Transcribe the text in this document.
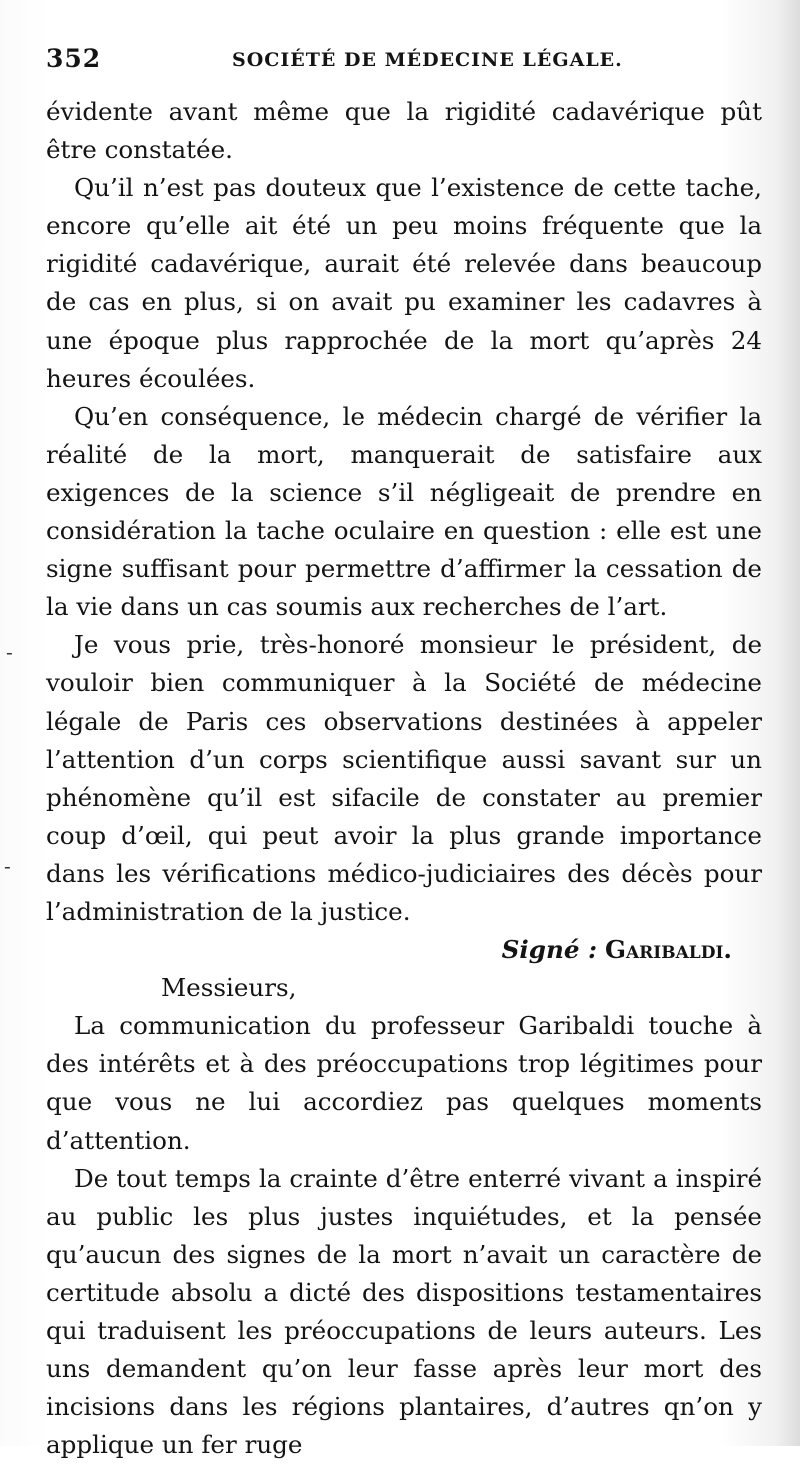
352	SOCIÉTÉ DE MÉDECINE LÉGALE.

évidente avant même que la rigidité cadavérique pût être constatée.

Qu’il n’est pas douteux que l’existence de cette tache, encore qu’elle ait été un peu moins fréquente que la rigidité cadavérique, aurait été relevée dans beaucoup de cas en plus, si on avait pu examiner les cadavres à une époque plus rapprochée de la mort qu’après 24 heures écoulées.

Qu’en conséquence, le médecin chargé de vérifier la réalité de la mort, manquerait de satisfaire aux exigences de la science s’il négligeait de prendre en considération la tache oculaire en question : elle est une signe suffisant pour permettre d’affirmer la cessation de la vie dans un cas soumis aux recherches de l’art.

Je vous prie, très-honoré monsieur le président, de vouloir bien communiquer à la Société de médecine légale de Paris ces observations destinées à appeler l’attention d’un corps scientifique aussi savant sur un phénomène qu’il est sifacile de constater au premier coup d’œil, qui peut avoir la plus grande importance dans les vérifications médico-judiciaires des décès pour l’administration de la justice.

Signé : Garibaldi.

Messieurs,

La communication du professeur Garibaldi touche à des intérêts et à des préoccupations trop légitimes pour que vous ne lui accordiez pas quelques moments d’attention.

De tout temps la crainte d’être enterré vivant a inspiré au public les plus justes inquiétudes, et la pensée qu’aucun des signes de la mort n’avait un caractère de certitude absolu a dicté des dispositions testamentaires qui traduisent les préoccupations de leurs auteurs. Les uns demandent qu’on leur fasse après leur mort des incisions dans les régions plantaires, d’autres qn’on y applique un fer ruge

-
-
